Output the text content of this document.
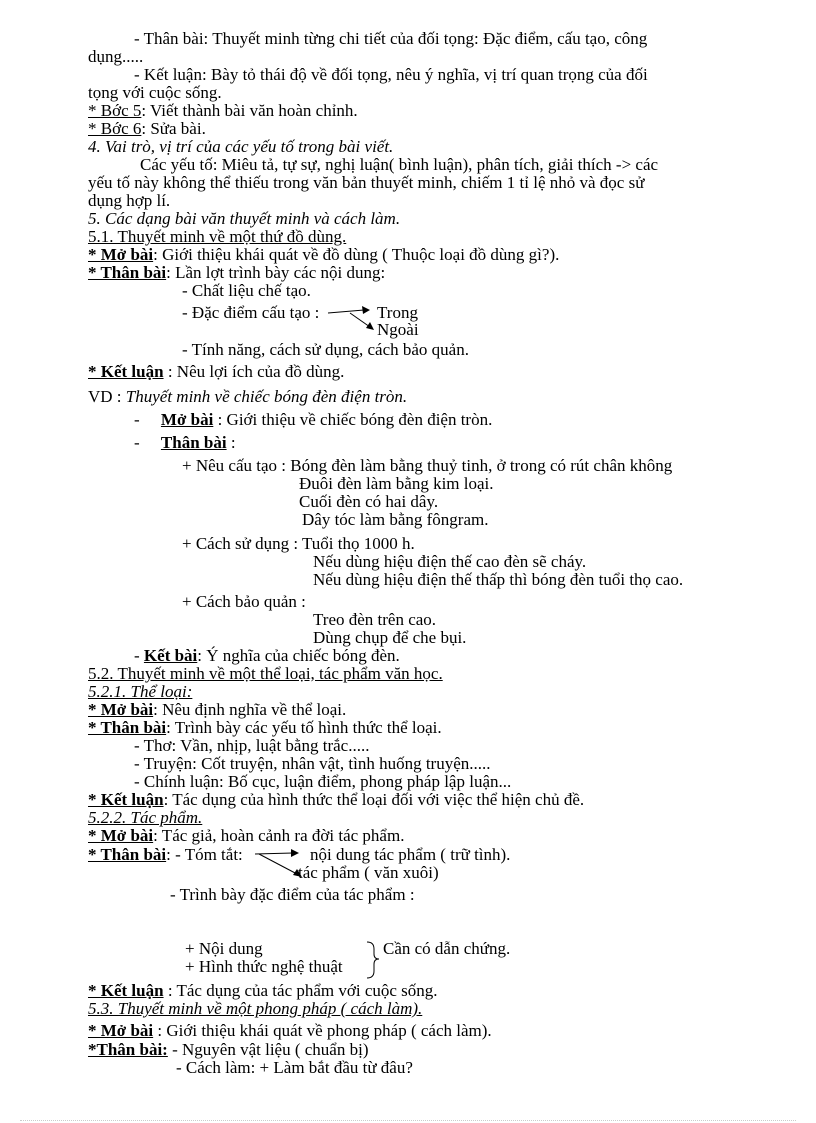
- Thân bài: Thuyết minh từng chi tiết của đối tọng: Đặc điểm, cấu tạo, công
dụng.....
- Kết luận: Bày tỏ thái độ về đối tọng, nêu ý nghĩa, vị trí quan trọng của đối
tọng với cuộc sống.
* Bớc 5: Viết thành bài văn hoàn chỉnh.
* Bớc 6: Sửa bài.
4. Vai trò, vị trí của các yếu tố trong bài viết.
Các yếu tố: Miêu tả, tự sự, nghị luận( bình luận), phân tích, giải thích -> các
yếu tố này không thể thiếu trong văn bản thuyết minh, chiếm 1 tỉ lệ nhỏ và đọc sử
dụng hợp lí.
5. Các dạng bài văn thuyết minh và cách làm.
5.1. Thuyết minh về một thứ đồ dùng.
* Mở bài: Giới thiệu khái quát về đồ dùng ( Thuộc loại đồ dùng gì?).
* Thân bài: Lần lợt trình bày các nội dung:
- Chất liệu chế tạo.
- Đặc điểm cấu tạo :	Trong
Ngoài
- Tính năng, cách sử dụng, cách bảo quản.
* Kết luận : Nêu lợi ích của đồ dùng.
VD : Thuyết minh về chiếc bóng đèn điện tròn.
- Mở bài : Giới thiệu về chiếc bóng đèn điện tròn.
- Thân bài :
+ Nêu cấu tạo : Bóng đèn làm bằng thuỷ tinh, ở trong có rút chân không
Đuôi đèn làm bằng kim loại.
Cuối đèn có hai dây.
Dây tóc làm bằng fôngram.
+ Cách sử dụng : Tuổi thọ 1000 h.
Nếu dùng hiệu điện thế cao đèn sẽ cháy.
Nếu dùng hiệu điện thế thấp thì bóng đèn tuổi thọ cao.
+ Cách bảo quản :
Treo đèn trên cao.
Dùng chụp để che bụi.
- Kết bài: Ý nghĩa của chiếc bóng đèn.
5.2. Thuyết minh về một thể loại, tác phẩm văn học.
5.2.1. Thể loại:
* Mở bài: Nêu định nghĩa về thể loại.
* Thân bài: Trình bày các yếu tố hình thức thể loại.
- Thơ: Vần, nhịp, luật bằng trắc.....
- Truyện: Cốt truyện, nhân vật, tình huống truyện.....
- Chính luận: Bố cục, luận điểm, phong pháp lập luận...
* Kết luận: Tác dụng của hình thức thể loại đối với việc thể hiện chủ đề.
5.2.2. Tác phẩm.
* Mở bài: Tác giả, hoàn cảnh ra đời tác phẩm.
* Thân bài: - Tóm tắt:	nội dung tác phẩm ( trữ tình).
tác phẩm ( văn xuôi)
- Trình bày đặc điểm của tác phẩm :
+ Nội dung
+ Hình thức nghệ thuật
Cần có dẫn chứng.
* Kết luận : Tác dụng của tác phẩm với cuộc sống.
5.3. Thuyết minh về một phong pháp ( cách làm).
* Mở bài : Giới thiệu khái quát về phong pháp ( cách làm).
*Thân bài: - Nguyên vật liệu ( chuẩn bị)
- Cách làm: + Làm bắt đầu từ đâu?
